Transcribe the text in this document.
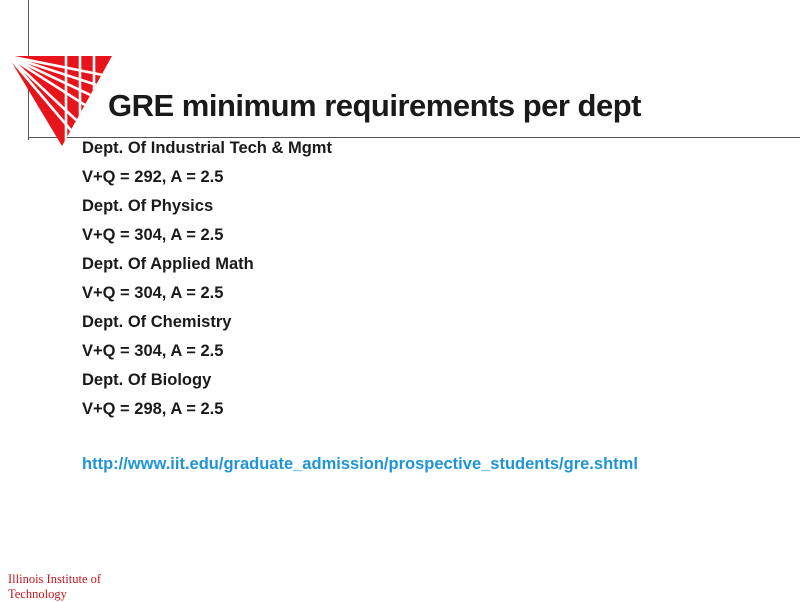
GRE minimum requirements per dept
Dept. Of Industrial Tech & Mgmt
V+Q = 292, A = 2.5
Dept. Of Physics
V+Q = 304, A = 2.5
Dept. Of Applied Math
V+Q = 304, A = 2.5
Dept. Of Chemistry
V+Q = 304, A = 2.5
Dept. Of Biology
V+Q = 298, A = 2.5
http://www.iit.edu/graduate_admission/prospective_students/gre.shtml
Illinois Institute of Technology
